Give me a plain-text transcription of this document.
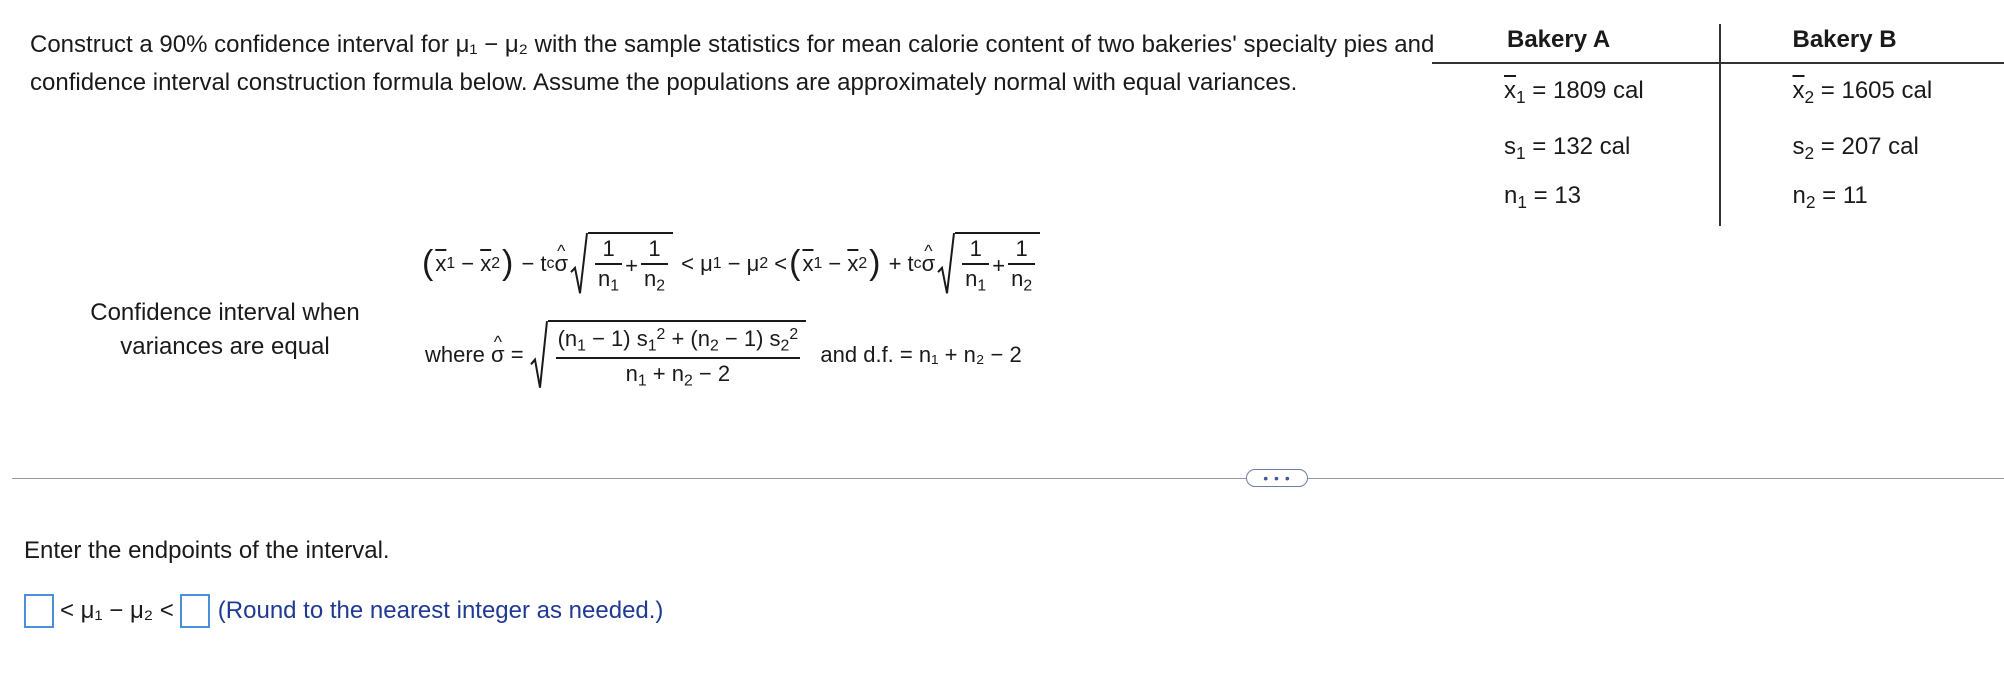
Construct a 90% confidence interval for μ₁ − μ₂ with the sample statistics for mean calorie content of two bakeries' specialty pies and confidence interval construction formula below. Assume the populations are approximately normal with equal variances.

Bakery A	Bakery B
$\overline{x}_1 = 1809$ cal	$\overline{x}_2 = 1605$ cal
$s_1 = 132$ cal	$s_2 = 207$ cal
$n_1 = 13$	$n_2 = 11$
Confidence interval when variances are equal
( $\overline{x}$ $1 - \overline{x}$ 2 ) − t c ^ σ $\frac{1}{n_1} + \frac{1}{n_2} < \mu$ 1 − μ 2 < ( $\overline{x}$ $1 - \overline{x}$ 2 ) + t c ^ σ $\frac{1}{n_1} + \frac{1}{n_2}$
where
^ $\sigma = \frac{(n_1 - 1) s_1^2 + (n_2 - 1) s_2^2}{n_1 + n_2 - 2}$
and d.f. = n₁ + n₂ − 2
• • •
Enter the endpoints of the interval.
< μ₁ − μ₂ < (Round to the nearest integer as needed.)
